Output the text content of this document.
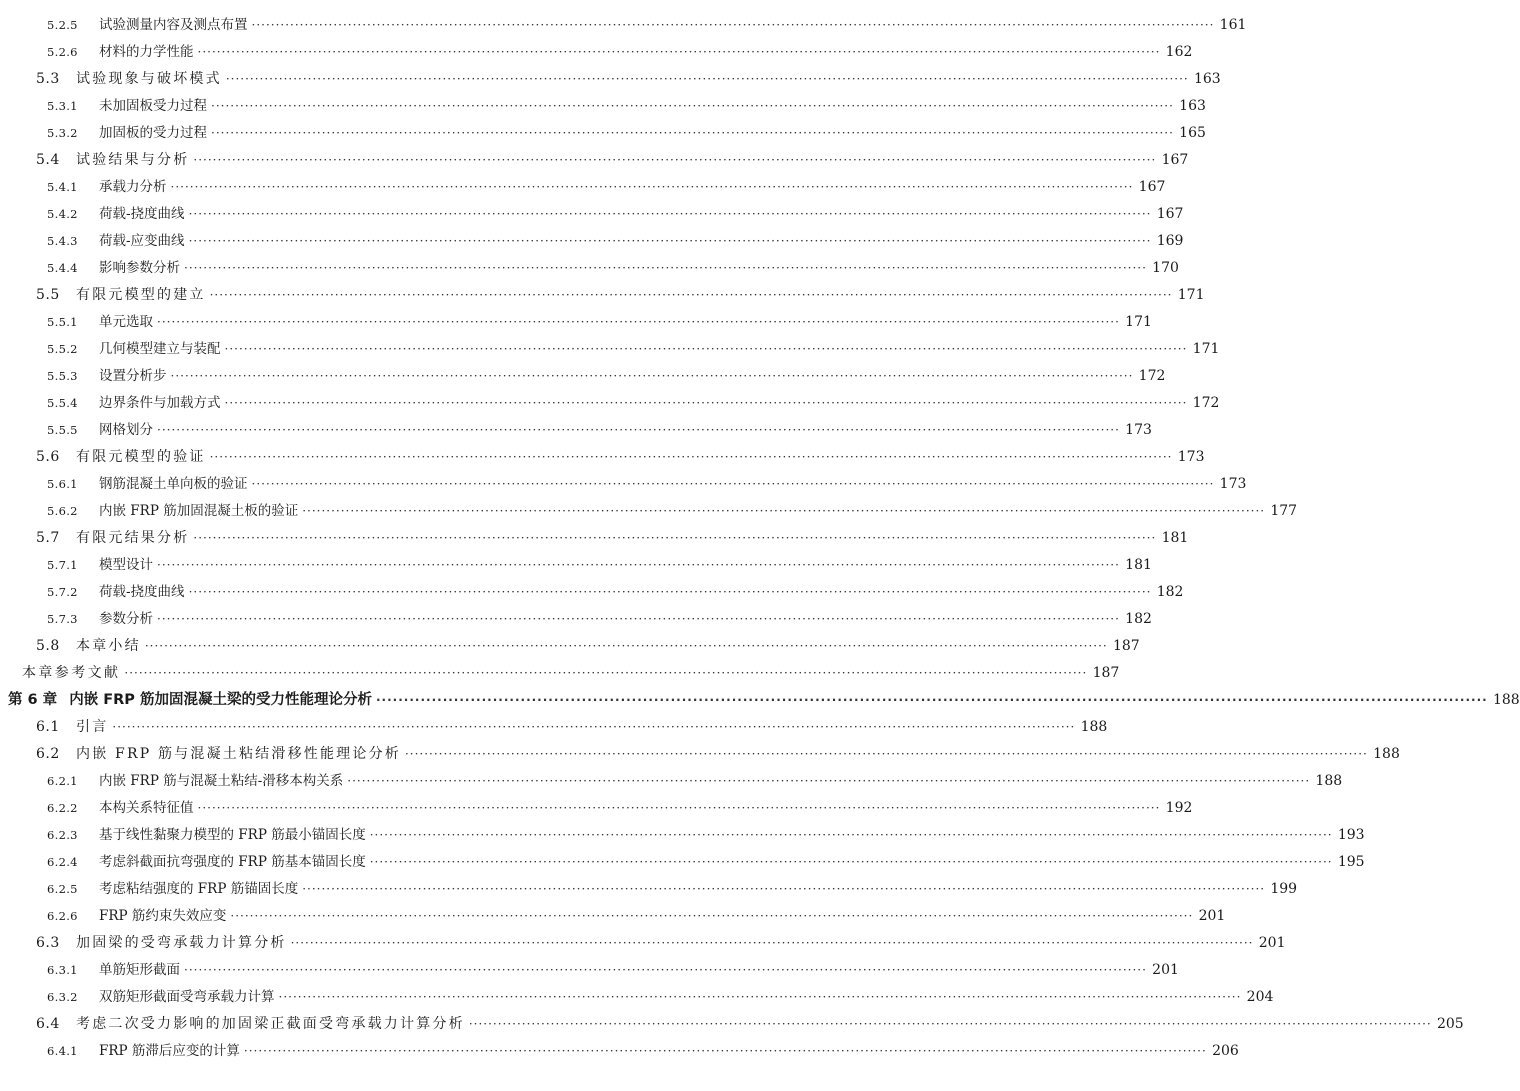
5.2.5	试验测量内容及测点布置 ········································································································································································································ 161
5.2.6	材料的力学性能 ········································································································································································································ 162
5.3	试验现象与破坏模式 ········································································································································································································ 163
5.3.1	未加固板受力过程 ········································································································································································································ 163
5.3.2	加固板的受力过程 ········································································································································································································ 165
5.4	试验结果与分析 ········································································································································································································ 167
5.4.1	承载力分析 ········································································································································································································ 167
5.4.2	荷载-挠度曲线 ········································································································································································································ 167
5.4.3	荷载-应变曲线 ········································································································································································································ 169
5.4.4	影响参数分析 ········································································································································································································ 170
5.5	有限元模型的建立 ········································································································································································································ 171
5.5.1	单元选取 ········································································································································································································ 171
5.5.2	几何模型建立与装配 ········································································································································································································ 171
5.5.3	设置分析步 ········································································································································································································ 172
5.5.4	边界条件与加载方式 ········································································································································································································ 172
5.5.5	网格划分 ········································································································································································································ 173
5.6	有限元模型的验证 ········································································································································································································ 173
5.6.1	钢筋混凝土单向板的验证 ········································································································································································································ 173
5.6.2	内嵌 FRP 筋加固混凝土板的验证 ········································································································································································································ 177
5.7	有限元结果分析 ········································································································································································································ 181
5.7.1	模型设计 ········································································································································································································ 181
5.7.2	荷载-挠度曲线 ········································································································································································································ 182
5.7.3	参数分析 ········································································································································································································ 182
5.8	本章小结 ········································································································································································································ 187
本章参考文献 ········································································································································································································ 187
第 6 章 内嵌 FRP 筋加固混凝土梁的受力性能理论分析 ········································································································································································································ 188
6.1	引言 ········································································································································································································ 188
6.2	内嵌 FRP 筋与混凝土粘结滑移性能理论分析 ········································································································································································································ 188
6.2.1	内嵌 FRP 筋与混凝土粘结-滑移本构关系 ········································································································································································································ 188
6.2.2	本构关系特征值 ········································································································································································································ 192
6.2.3	基于线性黏聚力模型的 FRP 筋最小锚固长度 ········································································································································································································ 193
6.2.4	考虑斜截面抗弯强度的 FRP 筋基本锚固长度 ········································································································································································································ 195
6.2.5	考虑粘结强度的 FRP 筋锚固长度 ········································································································································································································ 199
6.2.6	FRP 筋约束失效应变 ········································································································································································································ 201
6.3	加固梁的受弯承载力计算分析 ········································································································································································································ 201
6.3.1	单筋矩形截面 ········································································································································································································ 201
6.3.2	双筋矩形截面受弯承载力计算 ········································································································································································································ 204
6.4	考虑二次受力影响的加固梁正截面受弯承载力计算分析 ········································································································································································································ 205
6.4.1	FRP 筋滞后应变的计算 ········································································································································································································ 206
